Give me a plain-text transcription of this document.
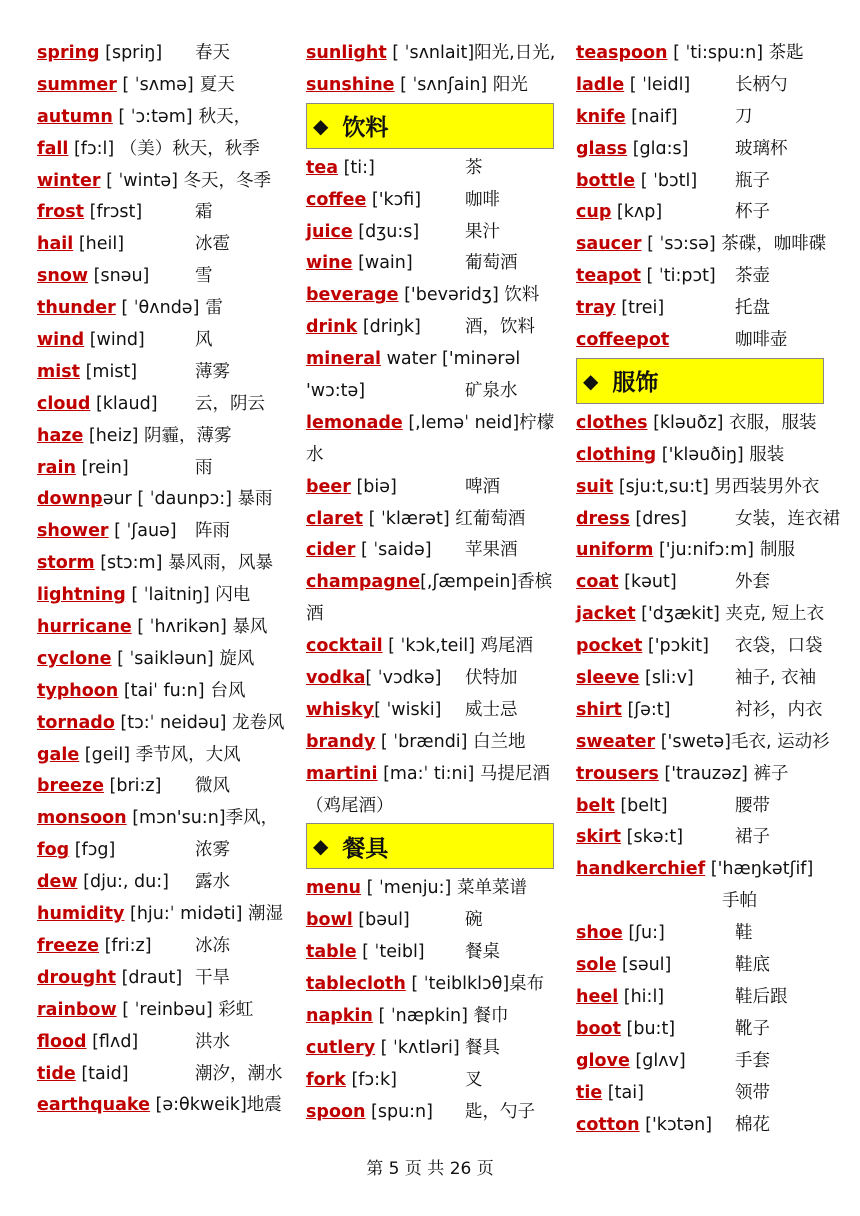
spring [spriŋ] 春天
summer [ ˈsʌmə] 夏天
autumn [ ˈɔ:təm] 秋天，
fall [fɔ:l] （美）秋天，秋季
winter [ ˈwintə] 冬天，冬季
frost [frɔst]	霜
hail [heil]	冰雹
snow [snəu]	雪
thunder [ ˈθʌndə] 雷
wind [wind]	风
mist [mist]	薄雾
cloud [klaud] 云，阴云
haze [heiz] 阴霾，薄雾
rain [rein]	雨
downpəur [ ˈdaunpɔ:] 暴雨
shower [ ˈʃauə] 阵雨
storm [stɔ:m] 暴风雨，风暴
lightning [ ˈlaitniŋ] 闪电
hurricane [ ˈhʌrikən] 暴风
cyclone [ ˈsaikləun] 旋风
typhoon [taiˈ fu:n] 台风
tornado [tɔ:ˈ neidəu] 龙卷风
gale [geil] 季节风，大风
breeze [bri:z] 微风
monsoon [mɔn'su:n]季风，
fog [fɔg]	浓雾
dew [dju:, du:] 露水
humidity [hju:ˈ midəti] 潮湿
freeze [fri:z] 冰冻
drought [draut] 干旱
rainbow [ ˈreinbəu] 彩虹
flood [flʌd]	洪水
tide [taid]	潮汐，潮水
earthquake [ə:θkweik]地震
sunlight [ ˈsʌnlait]阳光,日光,
sunshine [ ˈsʌnʃain] 阳光
◆ 饮料
tea [ti:]	茶
coffee ['kɔfi]	咖啡
juice [dʒu:s]	果汁
wine [wain]	葡萄酒
beverage ['bevəridʒ] 饮料
drink [driŋk]	酒，饮料
mineral water ['minərəl
'wɔ:tə]	矿泉水
lemonade [,leməˈ neid]柠檬
水
beer [biə]	啤酒
claret [ ˈklærət] 红葡萄酒
cider [ ˈsaidə] 苹果酒
champagne[,ʃæmpein]香槟
酒
cocktail [ ˈkɔk,teil] 鸡尾酒
vodka[ ˈvɔdkə] 伏特加
whisky[ ˈwiski] 威士忌
brandy [ ˈbrændi] 白兰地
martini [ma:ˈ ti:ni] 马提尼酒
（鸡尾酒）
◆ 餐具
menu [ ˈmenju:] 菜单菜谱
bowl [bəul]	碗
table [ ˈteibl] 餐桌
tablecloth [ ˈteiblklɔθ]桌布
napkin [ ˈnæpkin] 餐巾
cutlery [ ˈkʌtləri] 餐具
fork [fɔ:k]	叉
spoon [spu:n] 匙，勺子
teaspoon [ ˈti:spu:n] 茶匙
ladle [ ˈleidl]	长柄勺
knife [naif]	刀
glass [glɑ:s]	玻璃杯
bottle [ ˈbɔtl] 瓶子
cup [kʌp]	杯子
saucer [ ˈsɔ:sə] 茶碟，咖啡碟
teapot [ ˈti:pɔt] 茶壶
tray [trei]	托盘
coffeepot	咖啡壶
◆ 服饰
clothes [kləuðz] 衣服，服装
clothing ['kləuðiŋ] 服装
suit [sju:t,su:t] 男西装男外衣
dress [dres]	女装，连衣裙
uniform ['ju:nifɔ:m] 制服
coat [kəut]	外套
jacket ['dʒækit] 夹克, 短上衣
pocket ['pɔkit] 衣袋，口袋
sleeve [sli:v] 袖子, 衣袖
shirt [ʃə:t]	衬衫，内衣
sweater ['swetə]毛衣, 运动衫
trousers ['trauzəz] 裤子
belt [belt]	腰带
skirt [skə:t]	裙子
handkerchief ['hæŋkətʃif]
手帕
shoe [ʃu:]	鞋
sole [səul]	鞋底
heel [hi:l]	鞋后跟
boot [bu:t]	靴子
glove [glʌv]	手套
tie [tai]	领带
cotton ['kɔtən] 棉花
第 5 页 共 26 页
